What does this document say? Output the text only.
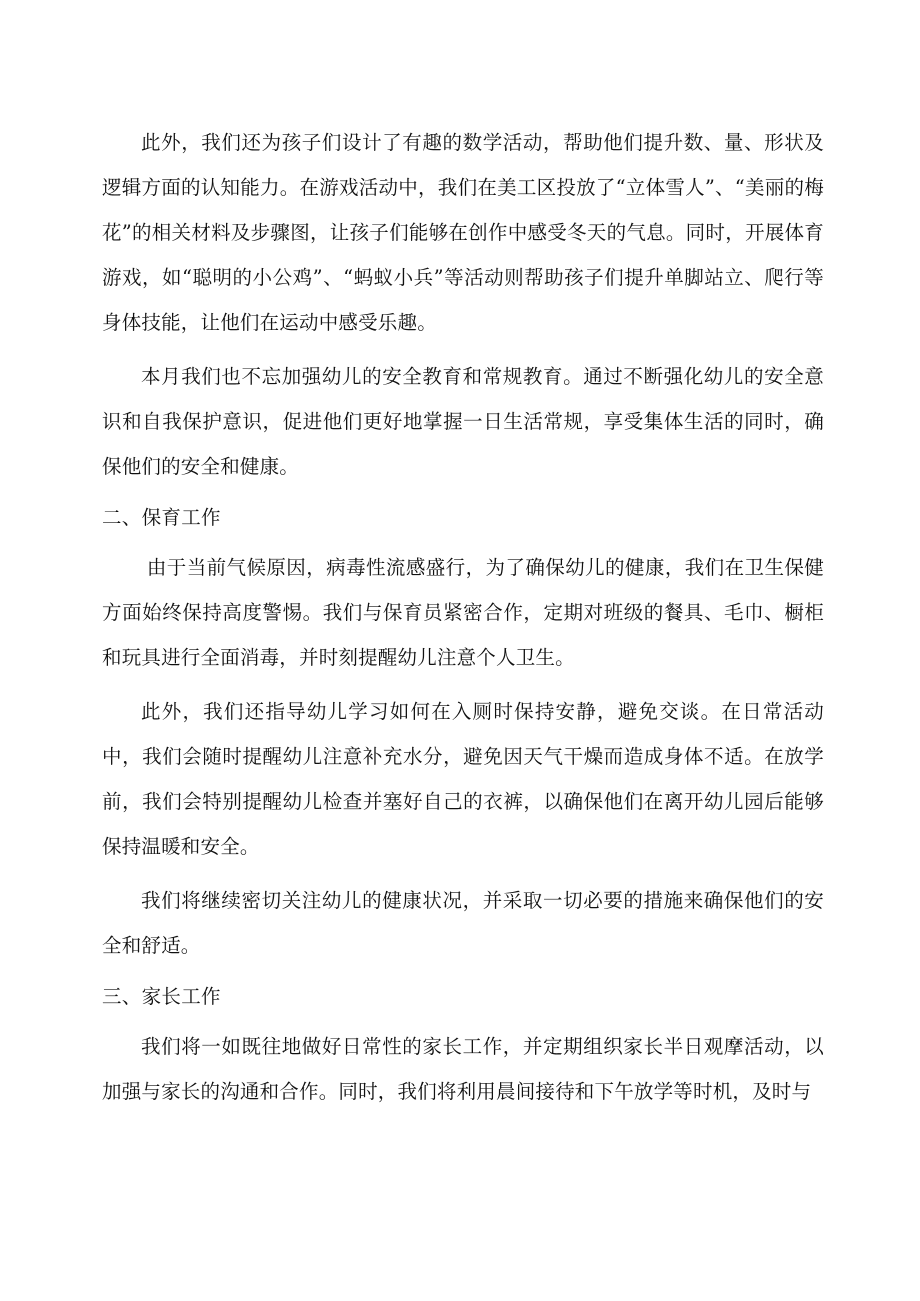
此外，我们还为孩子们设计了有趣的数学活动，帮助他们提升数、量、形状及逻辑方面的认知能力。在游戏活动中，我们在美工区投放了“立体雪人”、“美丽的梅花”的相关材料及步骤图，让孩子们能够在创作中感受冬天的气息。同时，开展体育游戏，如“聪明的小公鸡”、“蚂蚁小兵”等活动则帮助孩子们提升单脚站立、爬行等身体技能，让他们在运动中感受乐趣。

本月我们也不忘加强幼儿的安全教育和常规教育。通过不断强化幼儿的安全意识和自我保护意识，促进他们更好地掌握一日生活常规，享受集体生活的同时，确保他们的安全和健康。

二、保育工作

由于当前气候原因，病毒性流感盛行，为了确保幼儿的健康，我们在卫生保健方面始终保持高度警惕。我们与保育员紧密合作，定期对班级的餐具、毛巾、橱柜和玩具进行全面消毒，并时刻提醒幼儿注意个人卫生。

此外，我们还指导幼儿学习如何在入厕时保持安静，避免交谈。在日常活动中，我们会随时提醒幼儿注意补充水分，避免因天气干燥而造成身体不适。在放学前，我们会特别提醒幼儿检查并塞好自己的衣裤，以确保他们在离开幼儿园后能够保持温暖和安全。

我们将继续密切关注幼儿的健康状况，并采取一切必要的措施来确保他们的安全和舒适。

三、家长工作

我们将一如既往地做好日常性的家长工作，并定期组织家长半日观摩活动，以加强与家长的沟通和合作。同时，我们将利用晨间接待和下午放学等时机，及时与
